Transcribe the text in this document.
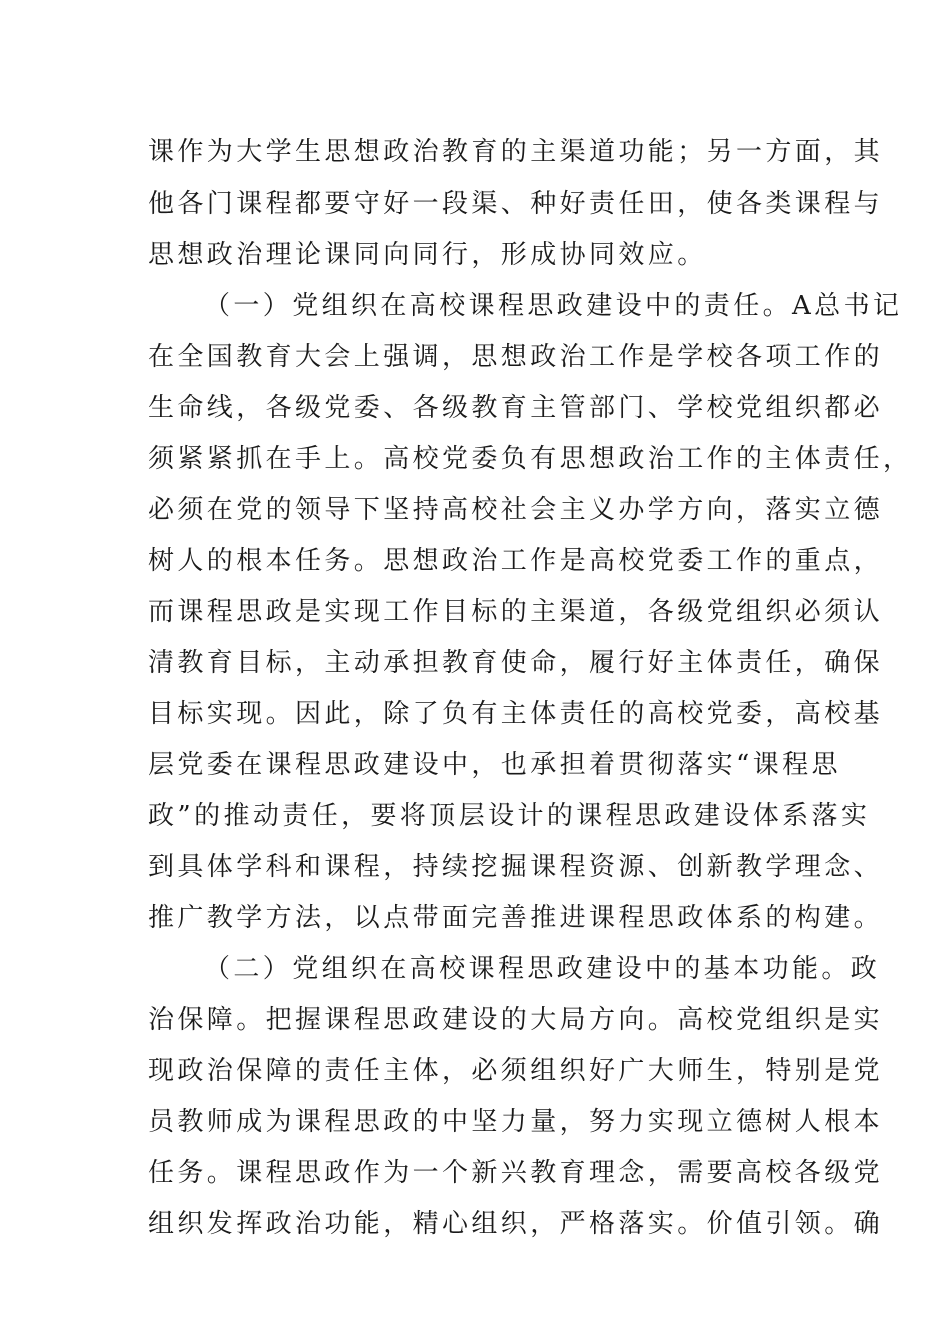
课作为大学生思想政治教育的主渠道功能；另一方面，其
他各门课程都要守好一段渠、种好责任田，使各类课程与
思想政治理论课同向同行，形成协同效应。
（一）党组织在高校课程思政建设中的责任。A总书记
在全国教育大会上强调，思想政治工作是学校各项工作的
生命线，各级党委、各级教育主管部门、学校党组织都必
须紧紧抓在手上。高校党委负有思想政治工作的主体责任，
必须在党的领导下坚持高校社会主义办学方向，落实立德
树人的根本任务。思想政治工作是高校党委工作的重点，
而课程思政是实现工作目标的主渠道，各级党组织必须认
清教育目标，主动承担教育使命，履行好主体责任，确保
目标实现。因此，除了负有主体责任的高校党委，高校基
层党委在课程思政建设中，也承担着贯彻落实“课程思
政”的推动责任，要将顶层设计的课程思政建设体系落实
到具体学科和课程，持续挖掘课程资源、创新教学理念、
推广教学方法，以点带面完善推进课程思政体系的构建。
（二）党组织在高校课程思政建设中的基本功能。政
治保障。把握课程思政建设的大局方向。高校党组织是实
现政治保障的责任主体，必须组织好广大师生，特别是党
员教师成为课程思政的中坚力量，努力实现立德树人根本
任务。课程思政作为一个新兴教育理念，需要高校各级党
组织发挥政治功能，精心组织，严格落实。价值引领。确
